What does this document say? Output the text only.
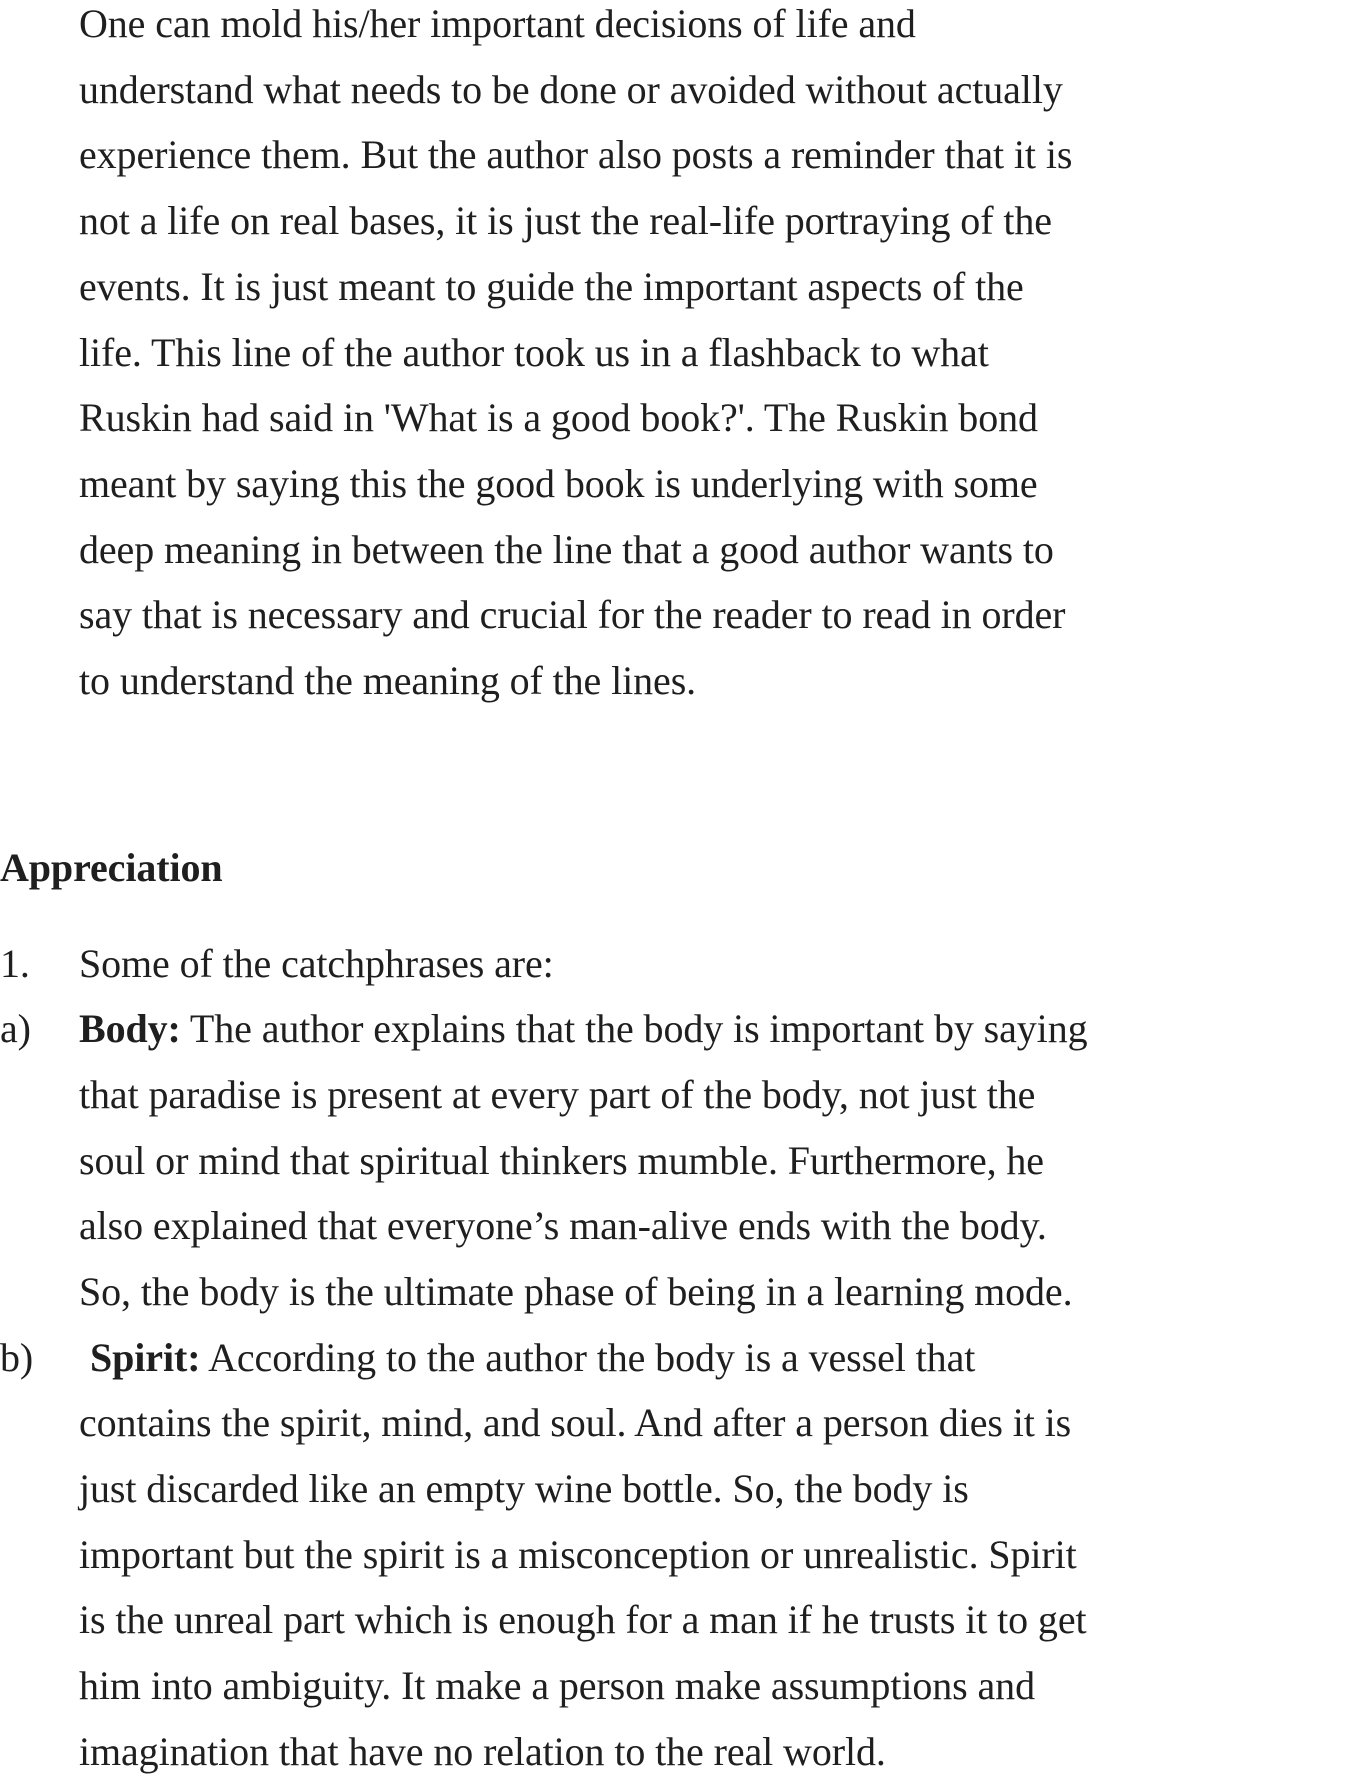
One can mold his/her important decisions of life and
understand what needs to be done or avoided without actually
experience them. But the author also posts a reminder that it is
not a life on real bases, it is just the real-life portraying of the
events. It is just meant to guide the important aspects of the
life. This line of the author took us in a flashback to what
Ruskin had said in 'What is a good book?'. The Ruskin bond
meant by saying this the good book is underlying with some
deep meaning in between the line that a good author wants to
say that is necessary and crucial for the reader to read in order
to understand the meaning of the lines.
Appreciation
1. Some of the catchphrases are:
a) Body: The author explains that the body is important by saying
that paradise is present at every part of the body, not just the
soul or mind that spiritual thinkers mumble. Furthermore, he
also explained that everyone’s man-alive ends with the body.
So, the body is the ultimate phase of being in a learning mode.
b) Spirit: According to the author the body is a vessel that
contains the spirit, mind, and soul. And after a person dies it is
just discarded like an empty wine bottle. So, the body is
important but the spirit is a misconception or unrealistic. Spirit
is the unreal part which is enough for a man if he trusts it to get
him into ambiguity. It make a person make assumptions and
imagination that have no relation to the real world.
